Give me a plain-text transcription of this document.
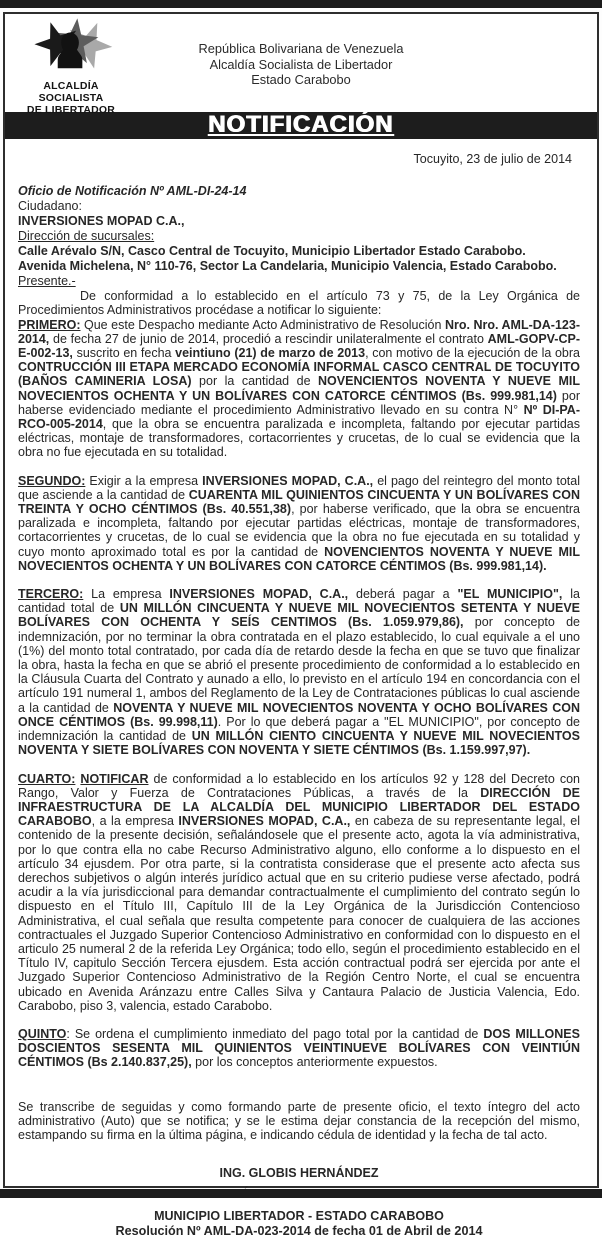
ALCALDÍA SOCIALISTA
DE LIBERTADOR
República Bolivariana de Venezuela
Alcaldía Socialista de Libertador
Estado Carabobo
NOTIFICACIÓN

Tocuyito, 23 de julio de 2014

Oficio de Notificación Nº AML-DI-24-14

Ciudadano:

INVERSIONES MOPAD C.A.,

Dirección de sucursales:

Calle Arévalo S/N, Casco Central de Tocuyito, Municipio Libertador Estado Carabobo.

Avenida Michelena, N° 110-76, Sector La Candelaria, Municipio Valencia, Estado Carabobo.

Presente.-

De conformidad a lo establecido en el artículo 73 y 75, de la Ley Orgánica de Procedimientos Administrativos procédase a notificar lo siguiente:

PRIMERO: Que este Despacho mediante Acto Administrativo de Resolución Nro. Nro. AML-DA-123-2014, de fecha 27 de junio de 2014, procedió a rescindir unilateralmente el contrato AML-GOPV-CP-E-002-13, suscrito en fecha veintiuno (21) de marzo de 2013, con motivo de la ejecución de la obra CONTRUCCIÓN III ETAPA MERCADO ECONOMÍA INFORMAL CASCO CENTRAL DE TOCUYITO (BAÑOS CAMINERIA LOSA) por la cantidad de NOVENCIENTOS NOVENTA Y NUEVE MIL NOVECIENTOS OCHENTA Y UN BOLÍVARES CON CATORCE CÉNTIMOS (Bs. 999.981,14) por haberse evidenciado mediante el procedimiento Administrativo llevado en su contra N° Nº DI-PA-RCO-005-2014, que la obra se encuentra paralizada e incompleta, faltando por ejecutar partidas eléctricas, montaje de transformadores, cortacorrientes y crucetas, de lo cual se evidencia que la obra no fue ejecutada en su totalidad.

SEGUNDO: Exigir a la empresa INVERSIONES MOPAD, C.A., el pago del reintegro del monto total que asciende a la cantidad de CUARENTA MIL QUINIENTOS CINCUENTA Y UN BOLÍVARES CON TREINTA Y OCHO CÉNTIMOS (Bs. 40.551,38), por haberse verificado, que la obra se encuentra paralizada e incompleta, faltando por ejecutar partidas eléctricas, montaje de transformadores, cortacorrientes y crucetas, de lo cual se evidencia que la obra no fue ejecutada en su totalidad y cuyo monto aproximado total es por la cantidad de NOVENCIENTOS NOVENTA Y NUEVE MIL NOVECIENTOS OCHENTA Y UN BOLÍVARES CON CATORCE CÉNTIMOS (Bs. 999.981,14).

TERCERO: La empresa INVERSIONES MOPAD, C.A., deberá pagar a "EL MUNICIPIO", la cantidad total de UN MILLÓN CINCUENTA Y NUEVE MIL NOVECIENTOS SETENTA Y NUEVE BOLÍVARES CON OCHENTA Y SEÍS CENTIMOS (Bs. 1.059.979,86), por concepto de indemnización, por no terminar la obra contratada en el plazo establecido, lo cual equivale a el uno (1%) del monto total contratado, por cada día de retardo desde la fecha en que se tuvo que finalizar la obra, hasta la fecha en que se abrió el presente procedimiento de conformidad a lo establecido en la Cláusula Cuarta del Contrato y aunado a ello, lo previsto en el artículo 194 en concordancia con el artículo 191 numeral 1, ambos del Reglamento de la Ley de Contrataciones públicas lo cual asciende a la cantidad de NOVENTA Y NUEVE MIL NOVECIENTOS NOVENTA Y OCHO BOLÍVARES CON ONCE CÉNTIMOS (Bs. 99.998,11). Por lo que deberá pagar a "EL MUNICIPIO", por concepto de indemnización la cantidad de UN MILLÓN CIENTO CINCUENTA Y NUEVE MIL NOVECIENTOS NOVENTA Y SIETE BOLÍVARES CON NOVENTA Y SIETE CÉNTIMOS (Bs. 1.159.997,97).

CUARTO: NOTIFICAR de conformidad a lo establecido en los artículos 92 y 128 del Decreto con Rango, Valor y Fuerza de Contrataciones Públicas, a través de la DIRECCIÓN DE INFRAESTRUCTURA DE LA ALCALDÍA DEL MUNICIPIO LIBERTADOR DEL ESTADO CARABOBO, a la empresa INVERSIONES MOPAD, C.A., en cabeza de su representante legal, el contenido de la presente decisión, señalándosele que el presente acto, agota la vía administrativa, por lo que contra ella no cabe Recurso Administrativo alguno, ello conforme a lo dispuesto en el artículo 34 ejusdem. Por otra parte, si la contratista considerase que el presente acto afecta sus derechos subjetivos o algún interés jurídico actual que en su criterio pudiese verse afectado, podrá acudir a la vía jurisdiccional para demandar contractualmente el cumplimiento del contrato según lo dispuesto en el Título III, Capítulo III de la Ley Orgánica de la Jurisdicción Contencioso Administrativa, el cual señala que resulta competente para conocer de cualquiera de las acciones contractuales el Juzgado Superior Contencioso Administrativo en conformidad con lo dispuesto en el articulo 25 numeral 2 de la referida Ley Orgánica; todo ello, según el procedimiento establecido en el Título IV, capitulo Sección Tercera ejusdem. Esta acción contractual podrá ser ejercida por ante el Juzgado Superior Contencioso Administrativo de la Región Centro Norte, el cual se encuentra ubicado en Avenida Aránzazu entre Calles Silva y Cantaura Palacio de Justicia Valencia, Edo. Carabobo, piso 3, valencia, estado Carabobo.

QUINTO: Se ordena el cumplimiento inmediato del pago total por la cantidad de DOS MILLONES DOSCIENTOS SESENTA MIL QUINIENTOS VEINTINUEVE BOLÍVARES CON VEINTIÚN CÉNTIMOS (Bs 2.140.837,25), por los conceptos anteriormente expuestos.

Se transcribe de seguidas y como formando parte de presente oficio, el texto íntegro del acto administrativo (Auto) que se notifica; y se le estima dejar constancia de la recepción del mismo, estampando su firma en la última página, e indicando cédula de identidad y la fecha de tal acto.

ING. GLOBIS HERNÁNDEZ

MUNICIPIO LIBERTADOR - ESTADO CARABOBO

Resolución Nº AML-DA-023-2014 de fecha 01 de Abril de 2014
